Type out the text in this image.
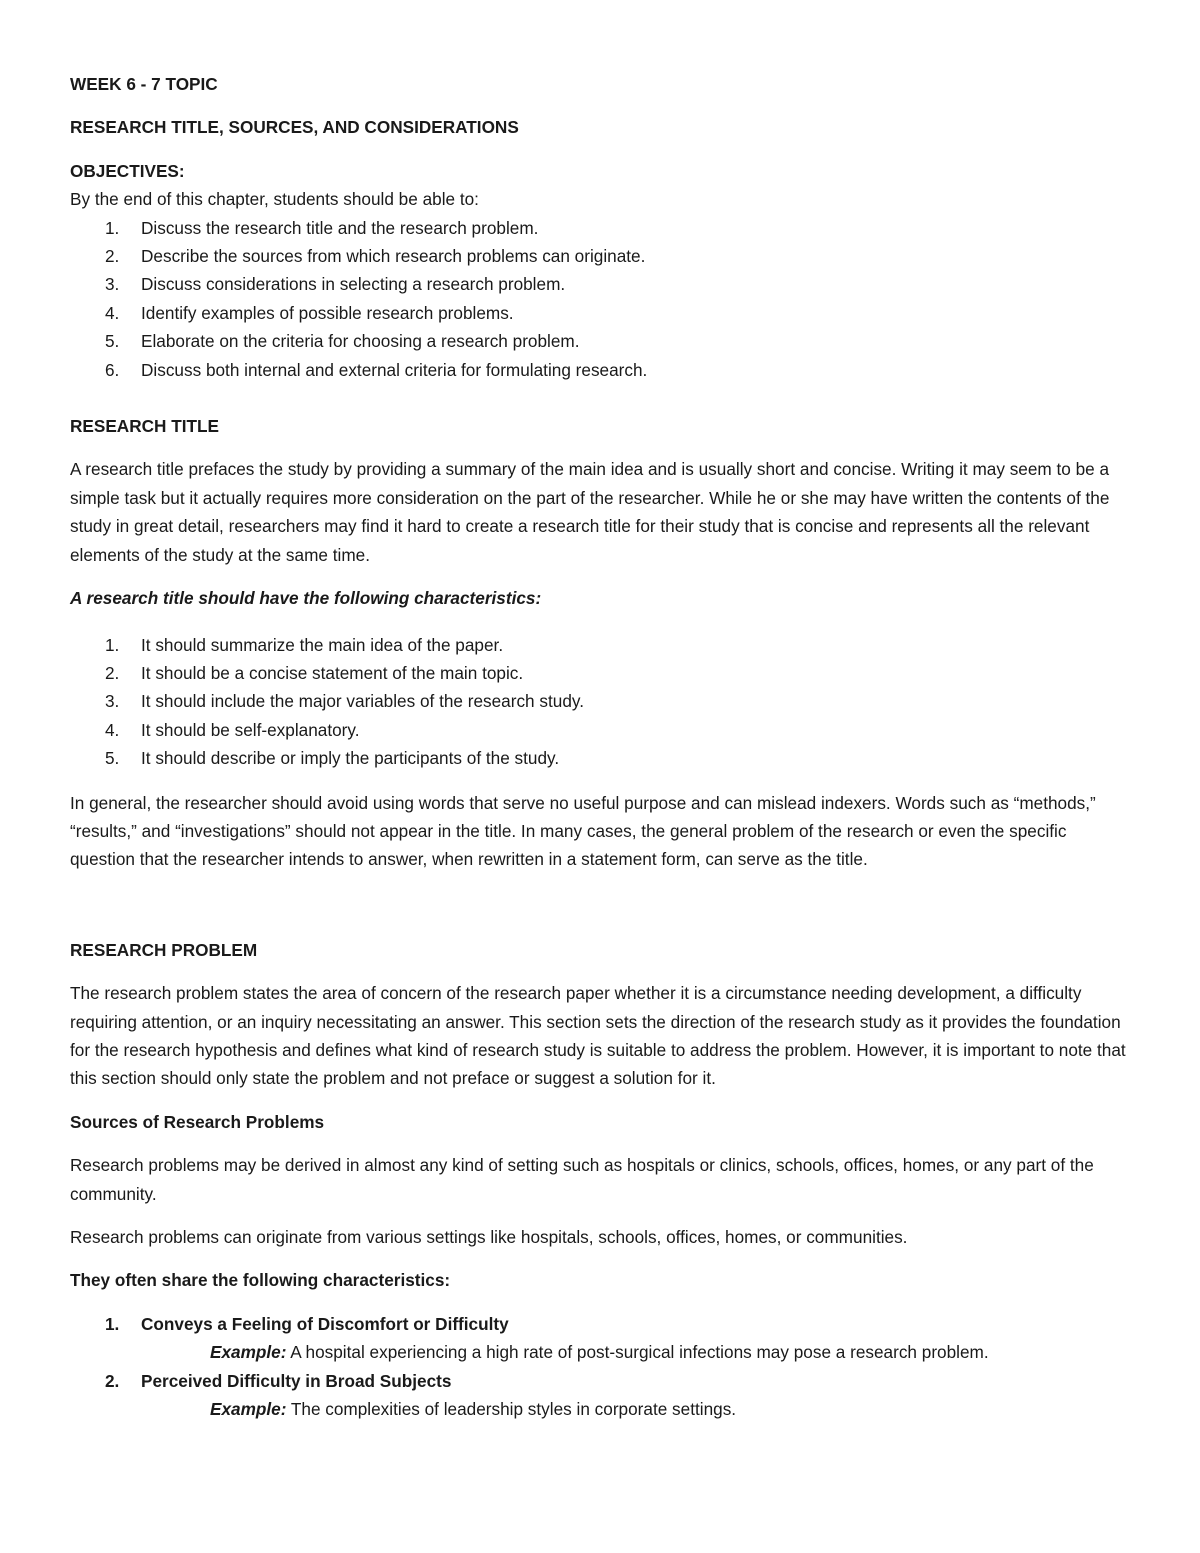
WEEK 6 - 7 TOPIC

RESEARCH TITLE, SOURCES, AND CONSIDERATIONS

OBJECTIVES:

By the end of this chapter, students should be able to:

1. Discuss the research title and the research problem.
2. Describe the sources from which research problems can originate.
3. Discuss considerations in selecting a research problem.
4. Identify examples of possible research problems.
5. Elaborate on the criteria for choosing a research problem.
6. Discuss both internal and external criteria for formulating research.

RESEARCH TITLE

A research title prefaces the study by providing a summary of the main idea and is usually short and concise. Writing it may seem to be a simple task but it actually requires more consideration on the part of the researcher. While he or she may have written the contents of the study in great detail, researchers may find it hard to create a research title for their study that is concise and represents all the relevant elements of the study at the same time.

A research title should have the following characteristics:

1. It should summarize the main idea of the paper.
2. It should be a concise statement of the main topic.
3. It should include the major variables of the research study.
4. It should be self-explanatory.
5. It should describe or imply the participants of the study.

In general, the researcher should avoid using words that serve no useful purpose and can mislead indexers. Words such as “methods,” “results,” and “investigations” should not appear in the title. In many cases, the general problem of the research or even the specific question that the researcher intends to answer, when rewritten in a statement form, can serve as the title.

RESEARCH PROBLEM

The research problem states the area of concern of the research paper whether it is a circumstance needing development, a difficulty requiring attention, or an inquiry necessitating an answer. This section sets the direction of the research study as it provides the foundation for the research hypothesis and defines what kind of research study is suitable to address the problem. However, it is important to note that this section should only state the problem and not preface or suggest a solution for it.

Sources of Research Problems

Research problems may be derived in almost any kind of setting such as hospitals or clinics, schools, offices, homes, or any part of the community.

Research problems can originate from various settings like hospitals, schools, offices, homes, or communities.

They often share the following characteristics:

1. Conveys a Feeling of Discomfort or Difficulty

Example: A hospital experiencing a high rate of post-surgical infections may pose a research problem.

2. Perceived Difficulty in Broad Subjects

Example: The complexities of leadership styles in corporate settings.
